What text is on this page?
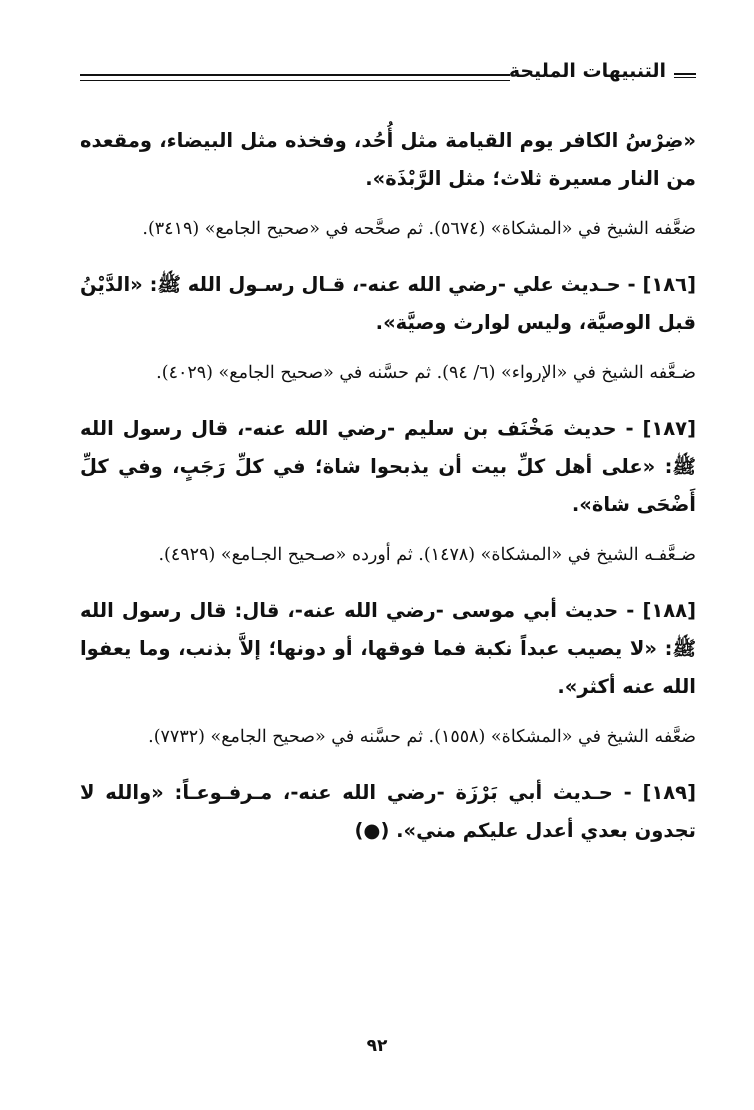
التنبيهات المليحة

«ضِرْسُ الكافر يوم القيامة مثل أُحُد، وفخذه مثل البيضاء، ومقعده من النار مسيرة ثلاث؛ مثل الرَّبْذَة».

ضعَّفه الشيخ في «المشكاة» (٥٦٧٤). ثم صحَّحه في «صحيح الجامع» (٣٤١٩).

[١٨٦] - حـديث علي -رضي الله عنه-، قـال رسـول الله ﷺ: «الدَّيْنُ قبل الوصيَّة، وليس لوارث وصيَّة».

ضـعَّفه الشيخ في «الإرواء» (٦/ ٩٤). ثم حسَّنه في «صحيح الجامع» (٤٠٢٩).

[١٨٧] - حديث مَخْنَف بن سليم -رضي الله عنه-، قال رسول الله ﷺ: «على أهل كلِّ بيت أن يذبحوا شاة؛ في كلِّ رَجَبٍ، وفي كلِّ أَضْحَى شاة».

ضـعَّفـه الشيخ في «المشكاة» (١٤٧٨). ثم أورده «صـحيح الجـامع» (٤٩٢٩).

[١٨٨] - حديث أبي موسى -رضي الله عنه-، قال: قال رسول الله ﷺ: «لا يصيب عبداً نكبة فما فوقها، أو دونها؛ إلاَّ بذنب، وما يعفوا الله عنه أكثر».

ضعَّفه الشيخ في «المشكاة» (١٥٥٨). ثم حسَّنه في «صحيح الجامع» (٧٧٣٢).

[١٨٩] - حـديث أبي بَرْزَة -رضي الله عنه-، مـرفـوعـاً: «والله لا تجدون بعدي أعدل عليكم مني». (●)

٩٢
